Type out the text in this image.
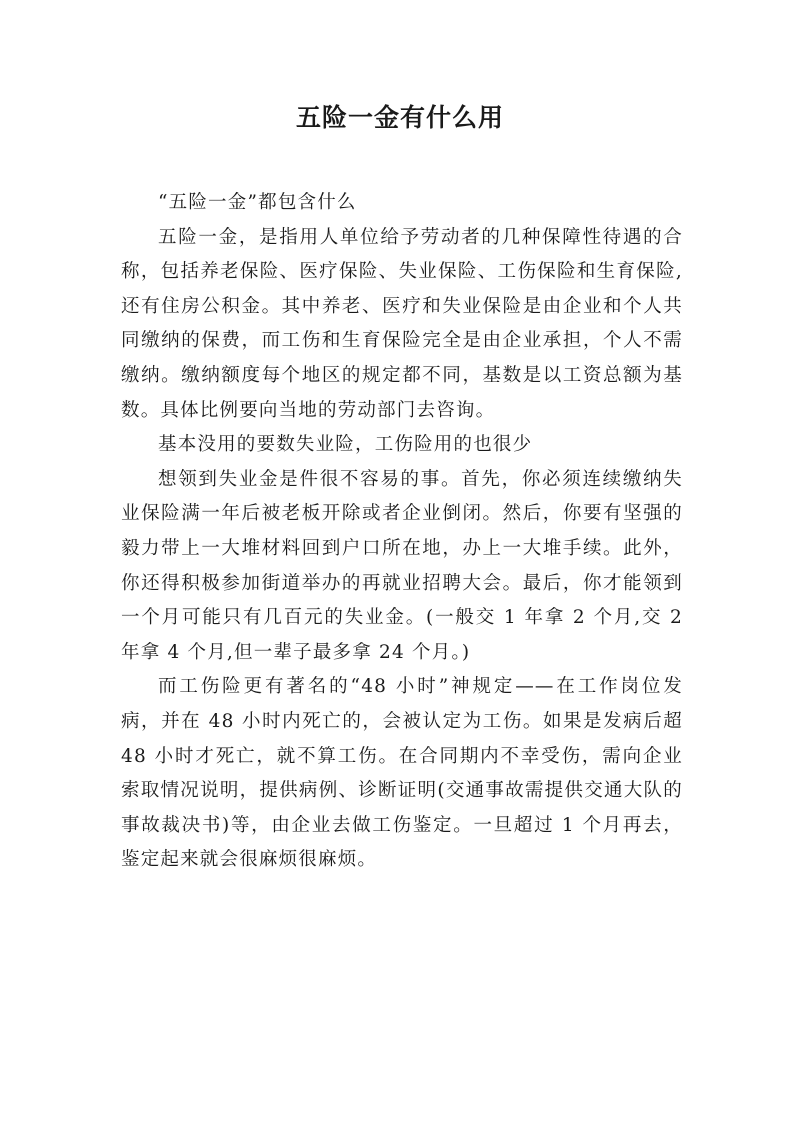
五险一金有什么用

“五险一金”都包含什么

五险一金，是指用人单位给予劳动者的几种保障性待遇的合称，包括养老保险、医疗保险、失业保险、工伤保险和生育保险,还有住房公积金。其中养老、医疗和失业保险是由企业和个人共同缴纳的保费，而工伤和生育保险完全是由企业承担，个人不需缴纳。缴纳额度每个地区的规定都不同，基数是以工资总额为基数。具体比例要向当地的劳动部门去咨询。

基本没用的要数失业险，工伤险用的也很少

想领到失业金是件很不容易的事。首先，你必须连续缴纳失业保险满一年后被老板开除或者企业倒闭。然后，你要有坚强的毅力带上一大堆材料回到户口所在地，办上一大堆手续。此外，你还得积极参加街道举办的再就业招聘大会。最后，你才能领到一个月可能只有几百元的失业金。(一般交 1 年拿 2 个月,交 2 年拿 4 个月,但一辈子最多拿 24 个月。)

而工伤险更有著名的“48 小时”神规定——在工作岗位发病，并在 48 小时内死亡的，会被认定为工伤。如果是发病后超 48 小时才死亡，就不算工伤。在合同期内不幸受伤，需向企业索取情况说明，提供病例、诊断证明(交通事故需提供交通大队的事故裁决书)等，由企业去做工伤鉴定。一旦超过 1 个月再去，鉴定起来就会很麻烦很麻烦。
